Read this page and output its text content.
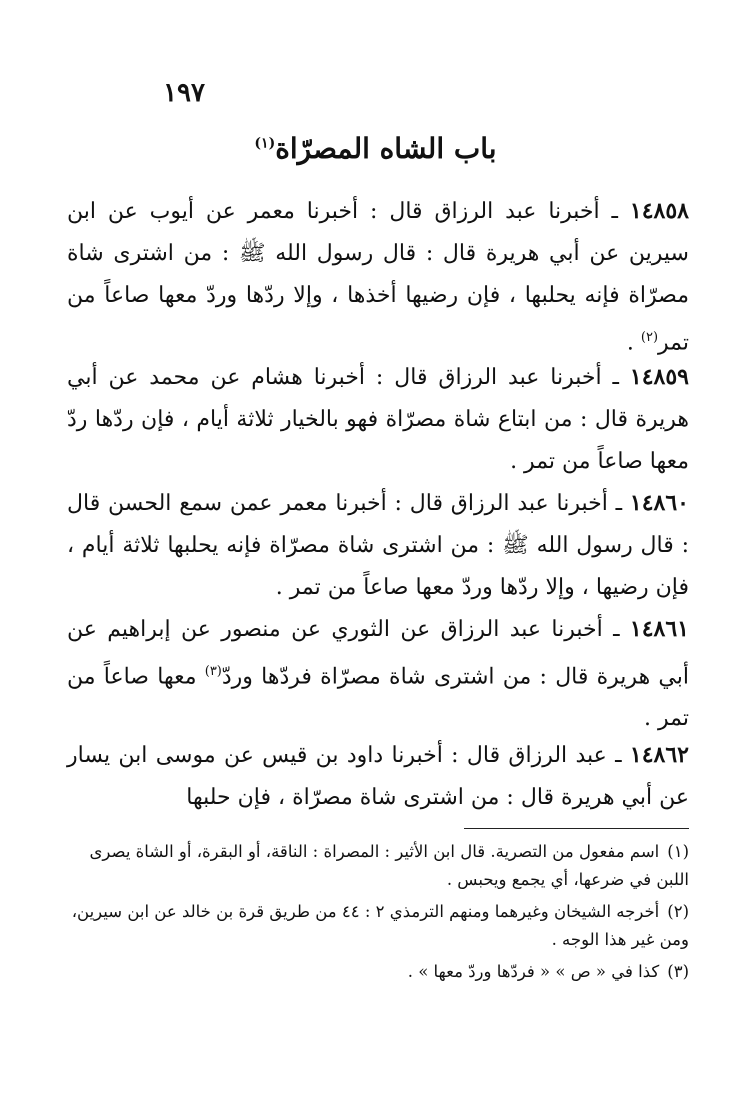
١٩٧
باب الشاه المصرّاة$^{(١)}$
١٤٨٥٨ ـ أخبرنا عبد الرزاق قال : أخبرنا معمر عن أيوب عن ابن سيرين عن أبي هريرة قال : قال رسول الله ﷺ : من اشترى شاة مصرّاة فإنه يحلبها ، فإن رضيها أخذها ، وإلا ردّها وردّ معها صاعاً من تمر$^{(٢)}$ .
١٤٨٥٩ ـ أخبرنا عبد الرزاق قال : أخبرنا هشام عن محمد عن أبي هريرة قال : من ابتاع شاة مصرّاة فهو بالخيار ثلاثة أيام ، فإن ردّها ردّ معها صاعاً من تمر .
١٤٨٦٠ ـ أخبرنا عبد الرزاق قال : أخبرنا معمر عمن سمع الحسن قال : قال رسول الله ﷺ : من اشترى شاة مصرّاة فإنه يحلبها ثلاثة أيام ، فإن رضيها ، وإلا ردّها وردّ معها صاعاً من تمر .
١٤٨٦١ ـ أخبرنا عبد الرزاق عن الثوري عن منصور عن إبراهيم عن أبي هريرة قال : من اشترى شاة مصرّاة فردّها وردّ$^{(٣)}$ معها صاعاً من تمر .
١٤٨٦٢ ـ عبد الرزاق قال : أخبرنا داود بن قيس عن موسى ابن يسار عن أبي هريرة قال : من اشترى شاة مصرّاة ، فإن حلبها
(١)اسم مفعول من التصرية. قال ابن الأثير : المصراة : الناقة، أو البقرة، أو الشاة يصرى اللبن في ضرعها، أي يجمع ويحبس .
(٢)أخرجه الشيخان وغيرهما ومنهم الترمذي ٢ : ٤٤ من طريق قرة بن خالد عن ابن سيرين، ومن غير هذا الوجه .
(٣)كذا في « ص » « فردّها وردّ معها » .
